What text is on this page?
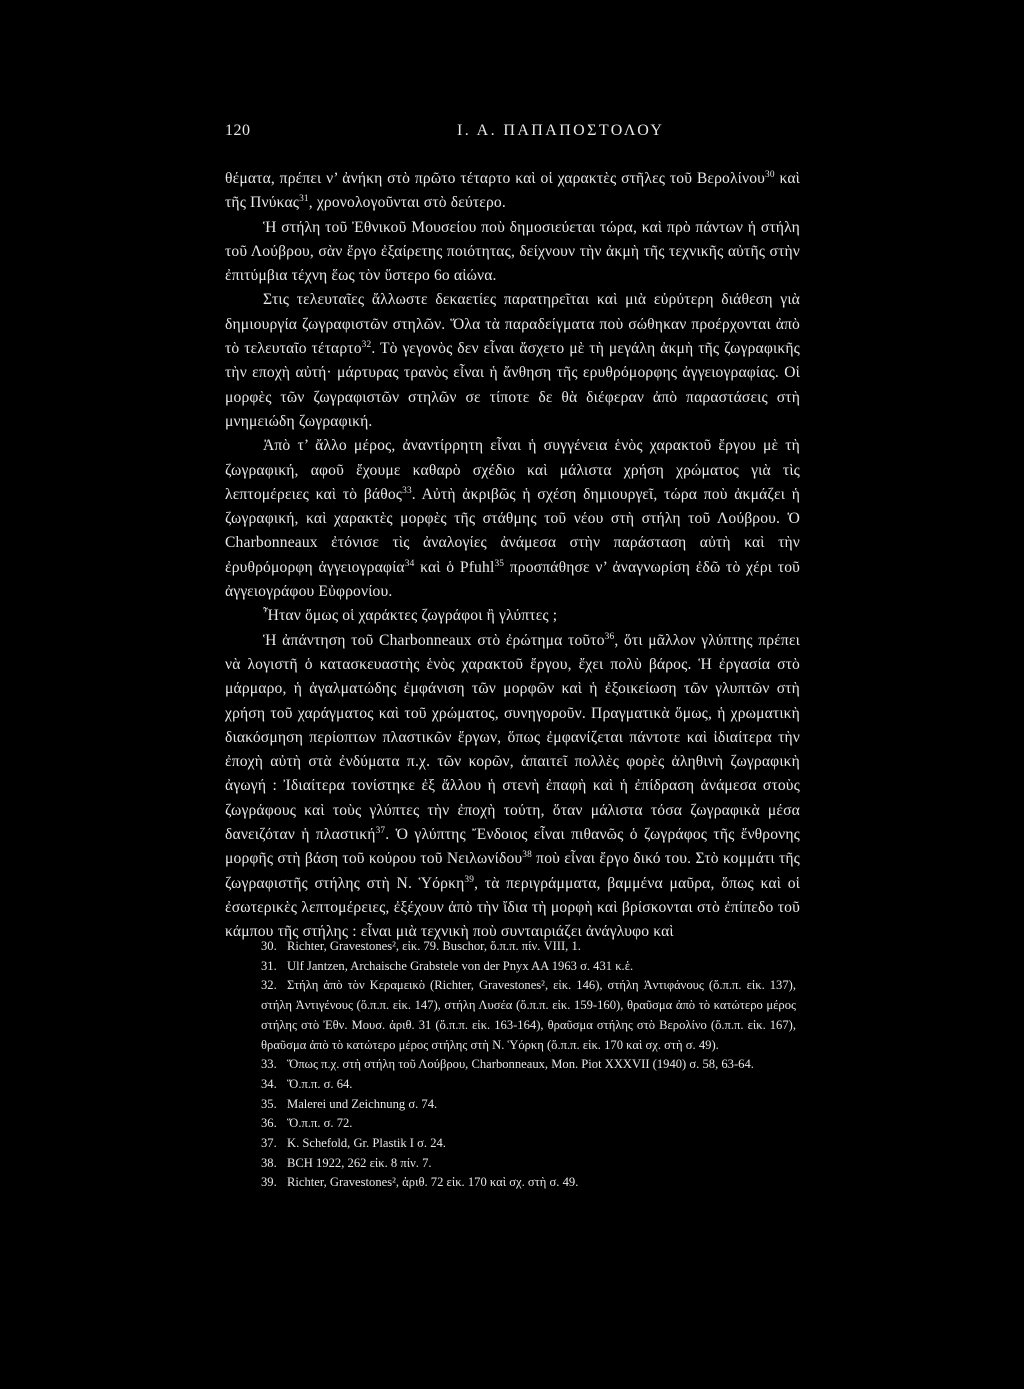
120	I. A. ΠΑΠΑΠΟΣΤΟΛΟΥ

θέματα, πρέπει ν’ ἀνήκη στὸ πρῶτο τέταρτο καὶ οἱ χαρακτὲς στῆλες τοῦ Βερολίνου$^{30}$ καὶ τῆς Πνύκας$^{31}$, χρονολογοῦνται στὸ δεύτερο.

Ἡ στήλη τοῦ Ἐθνικοῦ Μουσείου ποὺ δημοσιεύεται τώρα, καὶ πρὸ πάντων ἡ στήλη τοῦ Λούβρου, σὰν ἔργο ἐξαίρετης ποιότητας, δείχνουν τὴν ἀκμὴ τῆς τεχνικῆς αὐτῆς στὴν ἐπιτύμβια τέχνη ἕως τὸν ὕστερο 6ο αἰώνα.

Στις τελευταῖες ἄλλωστε δεκαετίες παρατηρεῖται καὶ μιὰ εὐρύτερη διάθεση γιὰ δημιουργία ζωγραφιστῶν στηλῶν. Ὅλα τὰ παραδείγματα ποὺ σώθηκαν προέρχονται ἀπὸ τὸ τελευταῖο τέταρτο$^{32}$. Τὸ γεγονὸς δεν εἶναι ἄσχετο μὲ τὴ μεγάλη ἀκμὴ τῆς ζωγραφικῆς τὴν εποχὴ αὐτή· μάρτυρας τρανὸς εἶναι ἡ ἄνθηση τῆς ερυθρόμορφης ἀγγειογραφίας. Οἱ μορφὲς τῶν ζωγραφιστῶν στηλῶν σε τίποτε δε θὰ διέφεραν ἀπὸ παραστάσεις στὴ μνημειώδη ζωγραφική.

Ἀπὸ τ’ ἄλλο μέρος, ἀναντίρρητη εἶναι ἡ συγγένεια ἑνὸς χαρακτοῦ ἔργου μὲ τὴ ζωγραφική, αφοῦ ἔχουμε καθαρὸ σχέδιο καὶ μάλιστα χρήση χρώματος γιὰ τὶς λεπτομέρειες καὶ τὸ βάθος$^{33}$. Αὐτὴ ἀκριβῶς ἡ σχέση δημιουργεῖ, τώρα ποὺ ἀκμάζει ἡ ζωγραφική, καὶ χαρακτὲς μορφὲς τῆς στάθμης τοῦ νέου στὴ στήλη τοῦ Λούβρου. Ὁ Charbonneaux ἐτόνισε τὶς ἀναλογίες ἀνάμεσα στὴν παράσταση αὐτὴ καὶ τὴν ἐρυθρόμορφη ἀγγειογραφία$^{34}$ καὶ ὁ Pfuhl$^{35}$ προσπάθησε ν’ ἀναγνωρίση ἐδῶ τὸ χέρι τοῦ ἀγγειογράφου Εὐφρονίου.

Ἦταν ὅμως οἱ χαράκτες ζωγράφοι ἢ γλύπτες ;

Ἡ ἀπάντηση τοῦ Charbonneaux στὸ ἐρώτημα τοῦτο$^{36}$, ὅτι μᾶλλον γλύπτης πρέπει νὰ λογιστῆ ὁ κατασκευαστὴς ἑνὸς χαρακτοῦ ἔργου, ἔχει πολὺ βάρος. Ἡ ἐργασία στὸ μάρμαρο, ἡ ἀγαλματώδης ἐμφάνιση τῶν μορφῶν καὶ ἡ ἐξοικείωση τῶν γλυπτῶν στὴ χρήση τοῦ χαράγματος καὶ τοῦ χρώματος, συνηγοροῦν. Πραγματικὰ ὅμως, ἡ χρωματικὴ διακόσμηση περίοπτων πλαστικῶν ἔργων, ὅπως ἐμφανίζεται πάντοτε καὶ ἰδιαίτερα τὴν ἐποχὴ αὐτὴ στὰ ἐνδύματα π.χ. τῶν κορῶν, ἀπαιτεῖ πολλὲς φορὲς ἀληθινὴ ζωγραφικὴ ἀγωγή : Ἰδιαίτερα τονίστηκε ἐξ ἄλλου ἡ στενὴ ἐπαφὴ καὶ ἡ ἐπίδραση ἀνάμεσα στοὺς ζωγράφους καὶ τοὺς γλύπτες τὴν ἐποχὴ τούτη, ὅταν μάλιστα τόσα ζωγραφικὰ μέσα δανειζόταν ἡ πλαστική$^{37}$. Ὁ γλύπτης Ἔνδοιος εἶναι πιθανῶς ὁ ζωγράφος τῆς ἔνθρονης μορφῆς στὴ βάση τοῦ κούρου τοῦ Νειλωνίδου$^{38}$ ποὺ εἶναι ἔργο δικό του. Στὸ κομμάτι τῆς ζωγραφιστῆς στήλης στὴ Ν. Ὑόρκη$^{39}$, τὰ περιγράμματα, βαμμένα μαῦρα, ὅπως καὶ οἱ ἐσωτερικὲς λεπτομέρειες, ἐξέχουν ἀπὸ τὴν ἴδια τὴ μορφὴ καὶ βρίσκονται στὸ ἐπίπεδο τοῦ κάμπου τῆς στήλης : εἶναι μιὰ τεχνικὴ ποὺ συνταιριάζει ἀνάγλυφο καὶ

30. Richter, Gravestones², εἰκ. 79. Buschor, ὅ.π.π. πίν. VIII, 1.

31. Ulf Jantzen, Archaische Grabstele von der Pnyx AA 1963 σ. 431 κ.ἑ.

32. Στήλη ἀπὸ τὸν Κεραμεικὸ (Richter, Gravestones², εἰκ. 146), στήλη Ἀντιφάνους (ὅ.π.π. εἰκ. 137), στήλη Ἀντιγένους (ὅ.π.π. εἰκ. 147), στήλη Λυσέα (ὅ.π.π. εἰκ. 159-160), θραῦσμα ἀπὸ τὸ κατώτερο μέρος στήλης στὸ Ἐθν. Μουσ. ἀριθ. 31 (ὅ.π.π. εἰκ. 163-164), θραῦσμα στήλης στὸ Βερολίνο (ὅ.π.π. εἰκ. 167), θραῦσμα ἀπὸ τὸ κατώτερο μέρος στήλης στὴ Ν. Ὑόρκη (ὅ.π.π. εἰκ. 170 καὶ σχ. στὴ σ. 49).

33. Ὅπως π.χ. στὴ στήλη τοῦ Λούβρου, Charbonneaux, Mon. Piot XXXVII (1940) σ. 58, 63-64.

34. Ὅ.π.π. σ. 64.

35. Malerei und Zeichnung σ. 74.

36. Ὅ.π.π. σ. 72.

37. K. Schefold, Gr. Plastik I σ. 24.

38. BCH 1922, 262 εἰκ. 8 πίν. 7.

39. Richter, Gravestones², ἀριθ. 72 εἰκ. 170 καὶ σχ. στὴ σ. 49.
